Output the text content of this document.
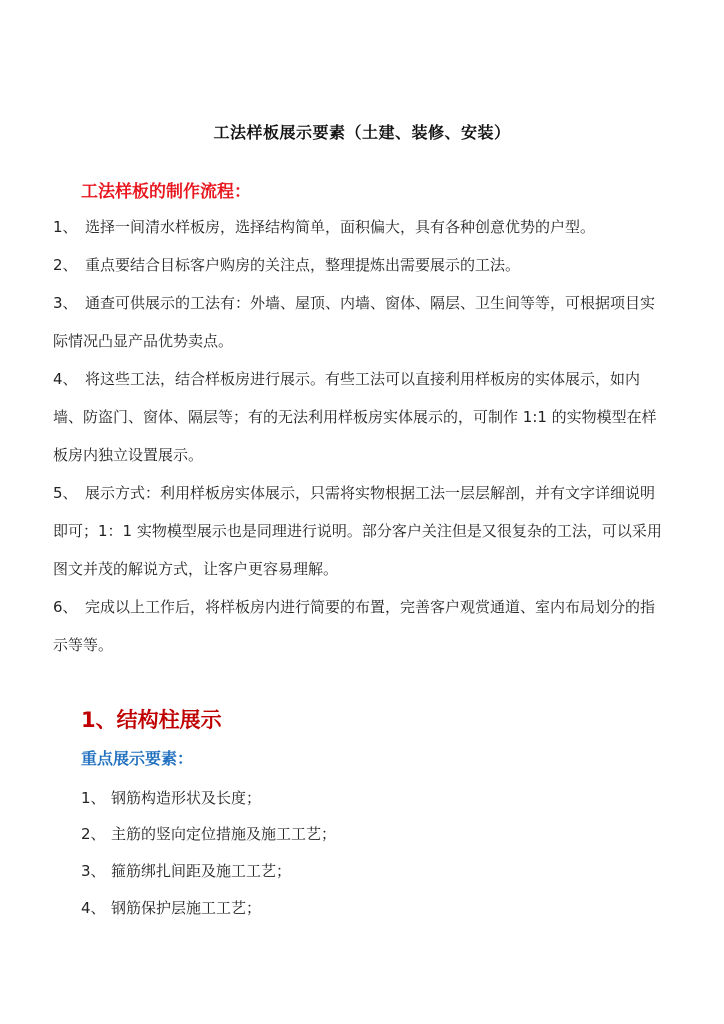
工法样板展示要素（土建、装修、安装）
工法样板的制作流程：

1、 选择一间清水样板房，选择结构简单，面积偏大，具有各种创意优势的户型。

2、 重点要结合目标客户购房的关注点，整理提炼出需要展示的工法。

3、 通查可供展示的工法有：外墙、屋顶、内墙、窗体、隔层、卫生间等等，可根据项目实际情况凸显产品优势卖点。

4、 将这些工法，结合样板房进行展示。有些工法可以直接利用样板房的实体展示，如内墙、防盗门、窗体、隔层等；有的无法利用样板房实体展示的，可制作 1:1 的实物模型在样板房内独立设置展示。

5、 展示方式：利用样板房实体展示，只需将实物根据工法一层层解剖，并有文字详细说明即可；1：1 实物模型展示也是同理进行说明。部分客户关注但是又很复杂的工法，可以采用图文并茂的解说方式，让客户更容易理解。

6、 完成以上工作后，将样板房内进行简要的布置，完善客户观赏通道、室内布局划分的指示等等。

1、结构柱展示
重点展示要素：
1、 钢筋构造形状及长度；
2、 主筋的竖向定位措施及施工工艺；
3、 箍筋绑扎间距及施工工艺；
4、 钢筋保护层施工工艺；
